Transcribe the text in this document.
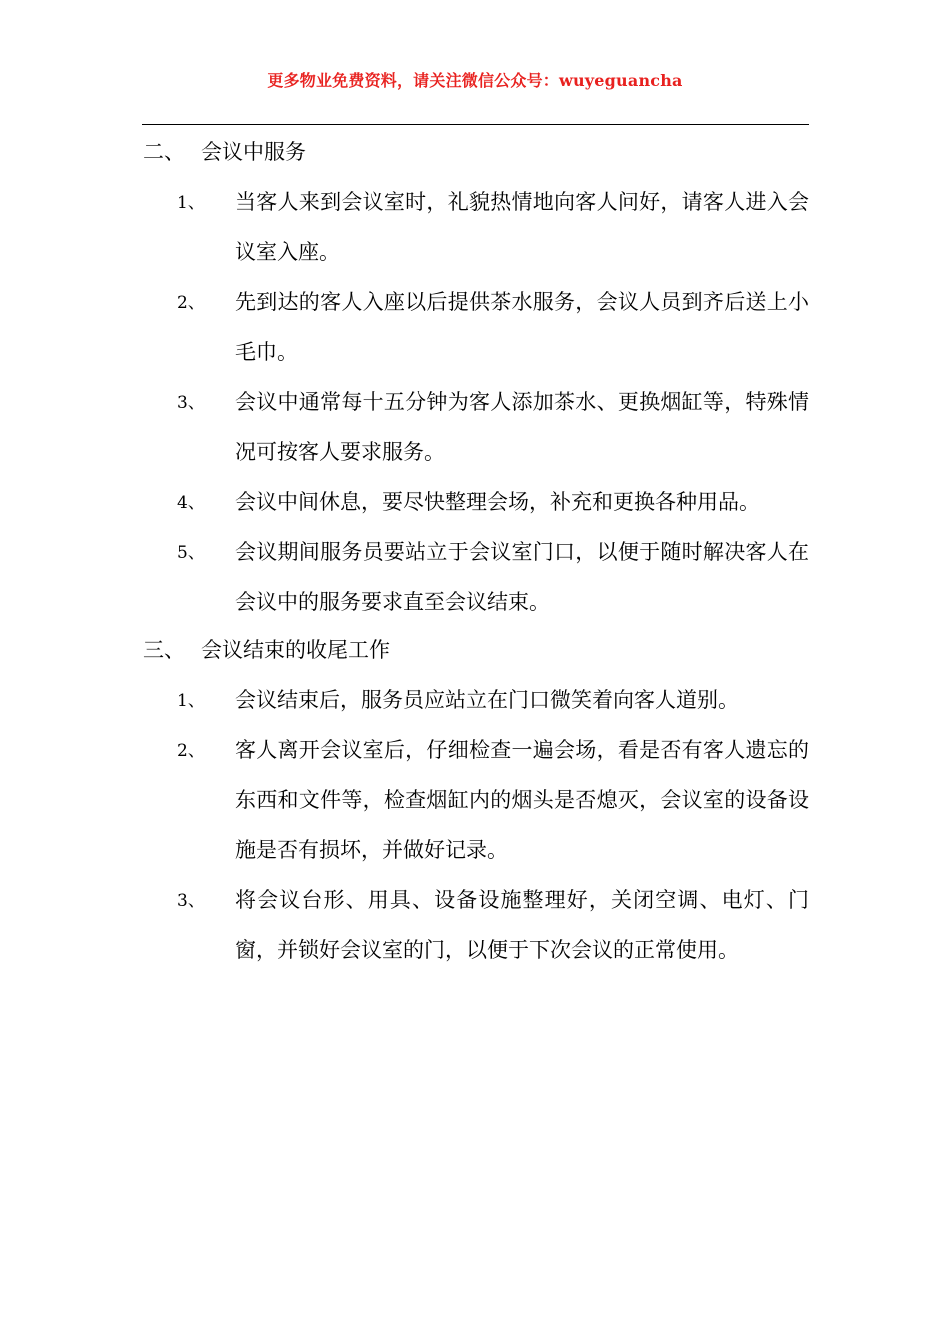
更多物业免费资料，请关注微信公众号：wuyeguancha
二、 会议中服务
1、 当客人来到会议室时，礼貌热情地向客人问好，请客人进入会议室入座。
2、 先到达的客人入座以后提供茶水服务，会议人员到齐后送上小毛巾。
3、 会议中通常每十五分钟为客人添加茶水、更换烟缸等，特殊情况可按客人要求服务。
4、 会议中间休息，要尽快整理会场，补充和更换各种用品。
5、 会议期间服务员要站立于会议室门口，以便于随时解决客人在会议中的服务要求直至会议结束。
三、 会议结束的收尾工作
1、 会议结束后，服务员应站立在门口微笑着向客人道别。
2、 客人离开会议室后，仔细检查一遍会场，看是否有客人遗忘的东西和文件等，检查烟缸内的烟头是否熄灭，会议室的设备设施是否有损坏，并做好记录。
3、 将会议台形、用具、设备设施整理好，关闭空调、电灯、门窗，并锁好会议室的门，以便于下次会议的正常使用。
